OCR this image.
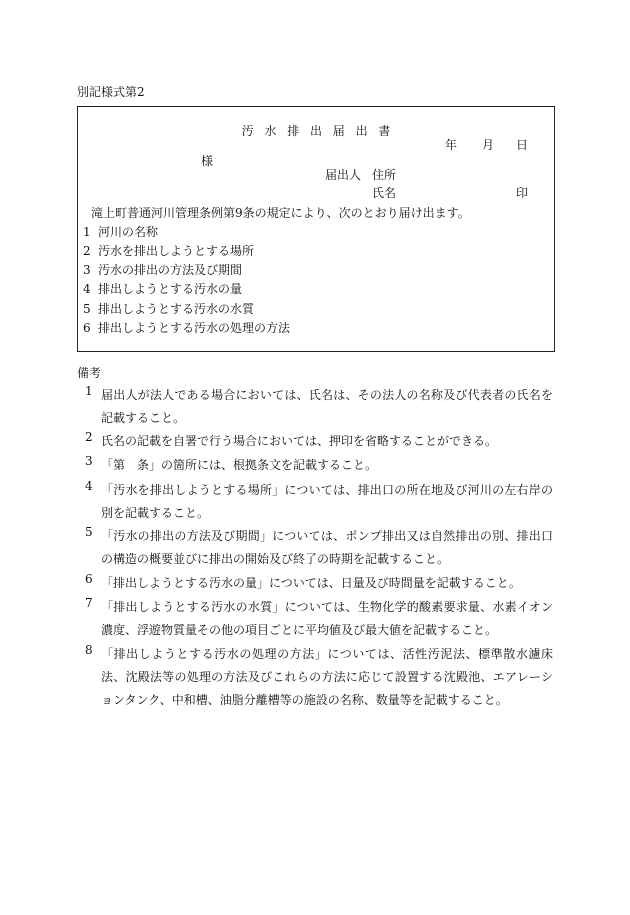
別記様式第2
汚水排出届出書
年 月 日
様
届出人 住所
氏名	印
滝上町普通河川管理条例第9条の規定により、次のとおり届け出ます。
1 河川の名称
2 汚水を排出しようとする場所
3 汚水の排出の方法及び期間
4 排出しようとする汚水の量
5 排出しようとする汚水の水質
6 排出しようとする汚水の処理の方法
備考
1 届出人が法人である場合においては、氏名は、その法人の名称及び代表者の氏名を記載すること。
2 氏名の記載を自署で行う場合においては、押印を省略することができる。
3 「第　条」の箇所には、根拠条文を記載すること。
4 「汚水を排出しようとする場所」については、排出口の所在地及び河川の左右岸の別を記載すること。
5 「汚水の排出の方法及び期間」については、ポンプ排出又は自然排出の別、排出口の構造の概要並びに排出の開始及び終了の時期を記載すること。
6 「排出しようとする汚水の量」については、日量及び時間量を記載すること。
7 「排出しようとする汚水の水質」については、生物化学的酸素要求量、水素イオン濃度、浮遊物質量その他の項目ごとに平均値及び最大値を記載すること。
8 「排出しようとする汚水の処理の方法」については、活性汚泥法、標準散水濾床法、沈殿法等の処理の方法及びこれらの方法に応じて設置する沈殿池、エアレーションタンク、中和槽、油脂分離槽等の施設の名称、数量等を記載すること。
